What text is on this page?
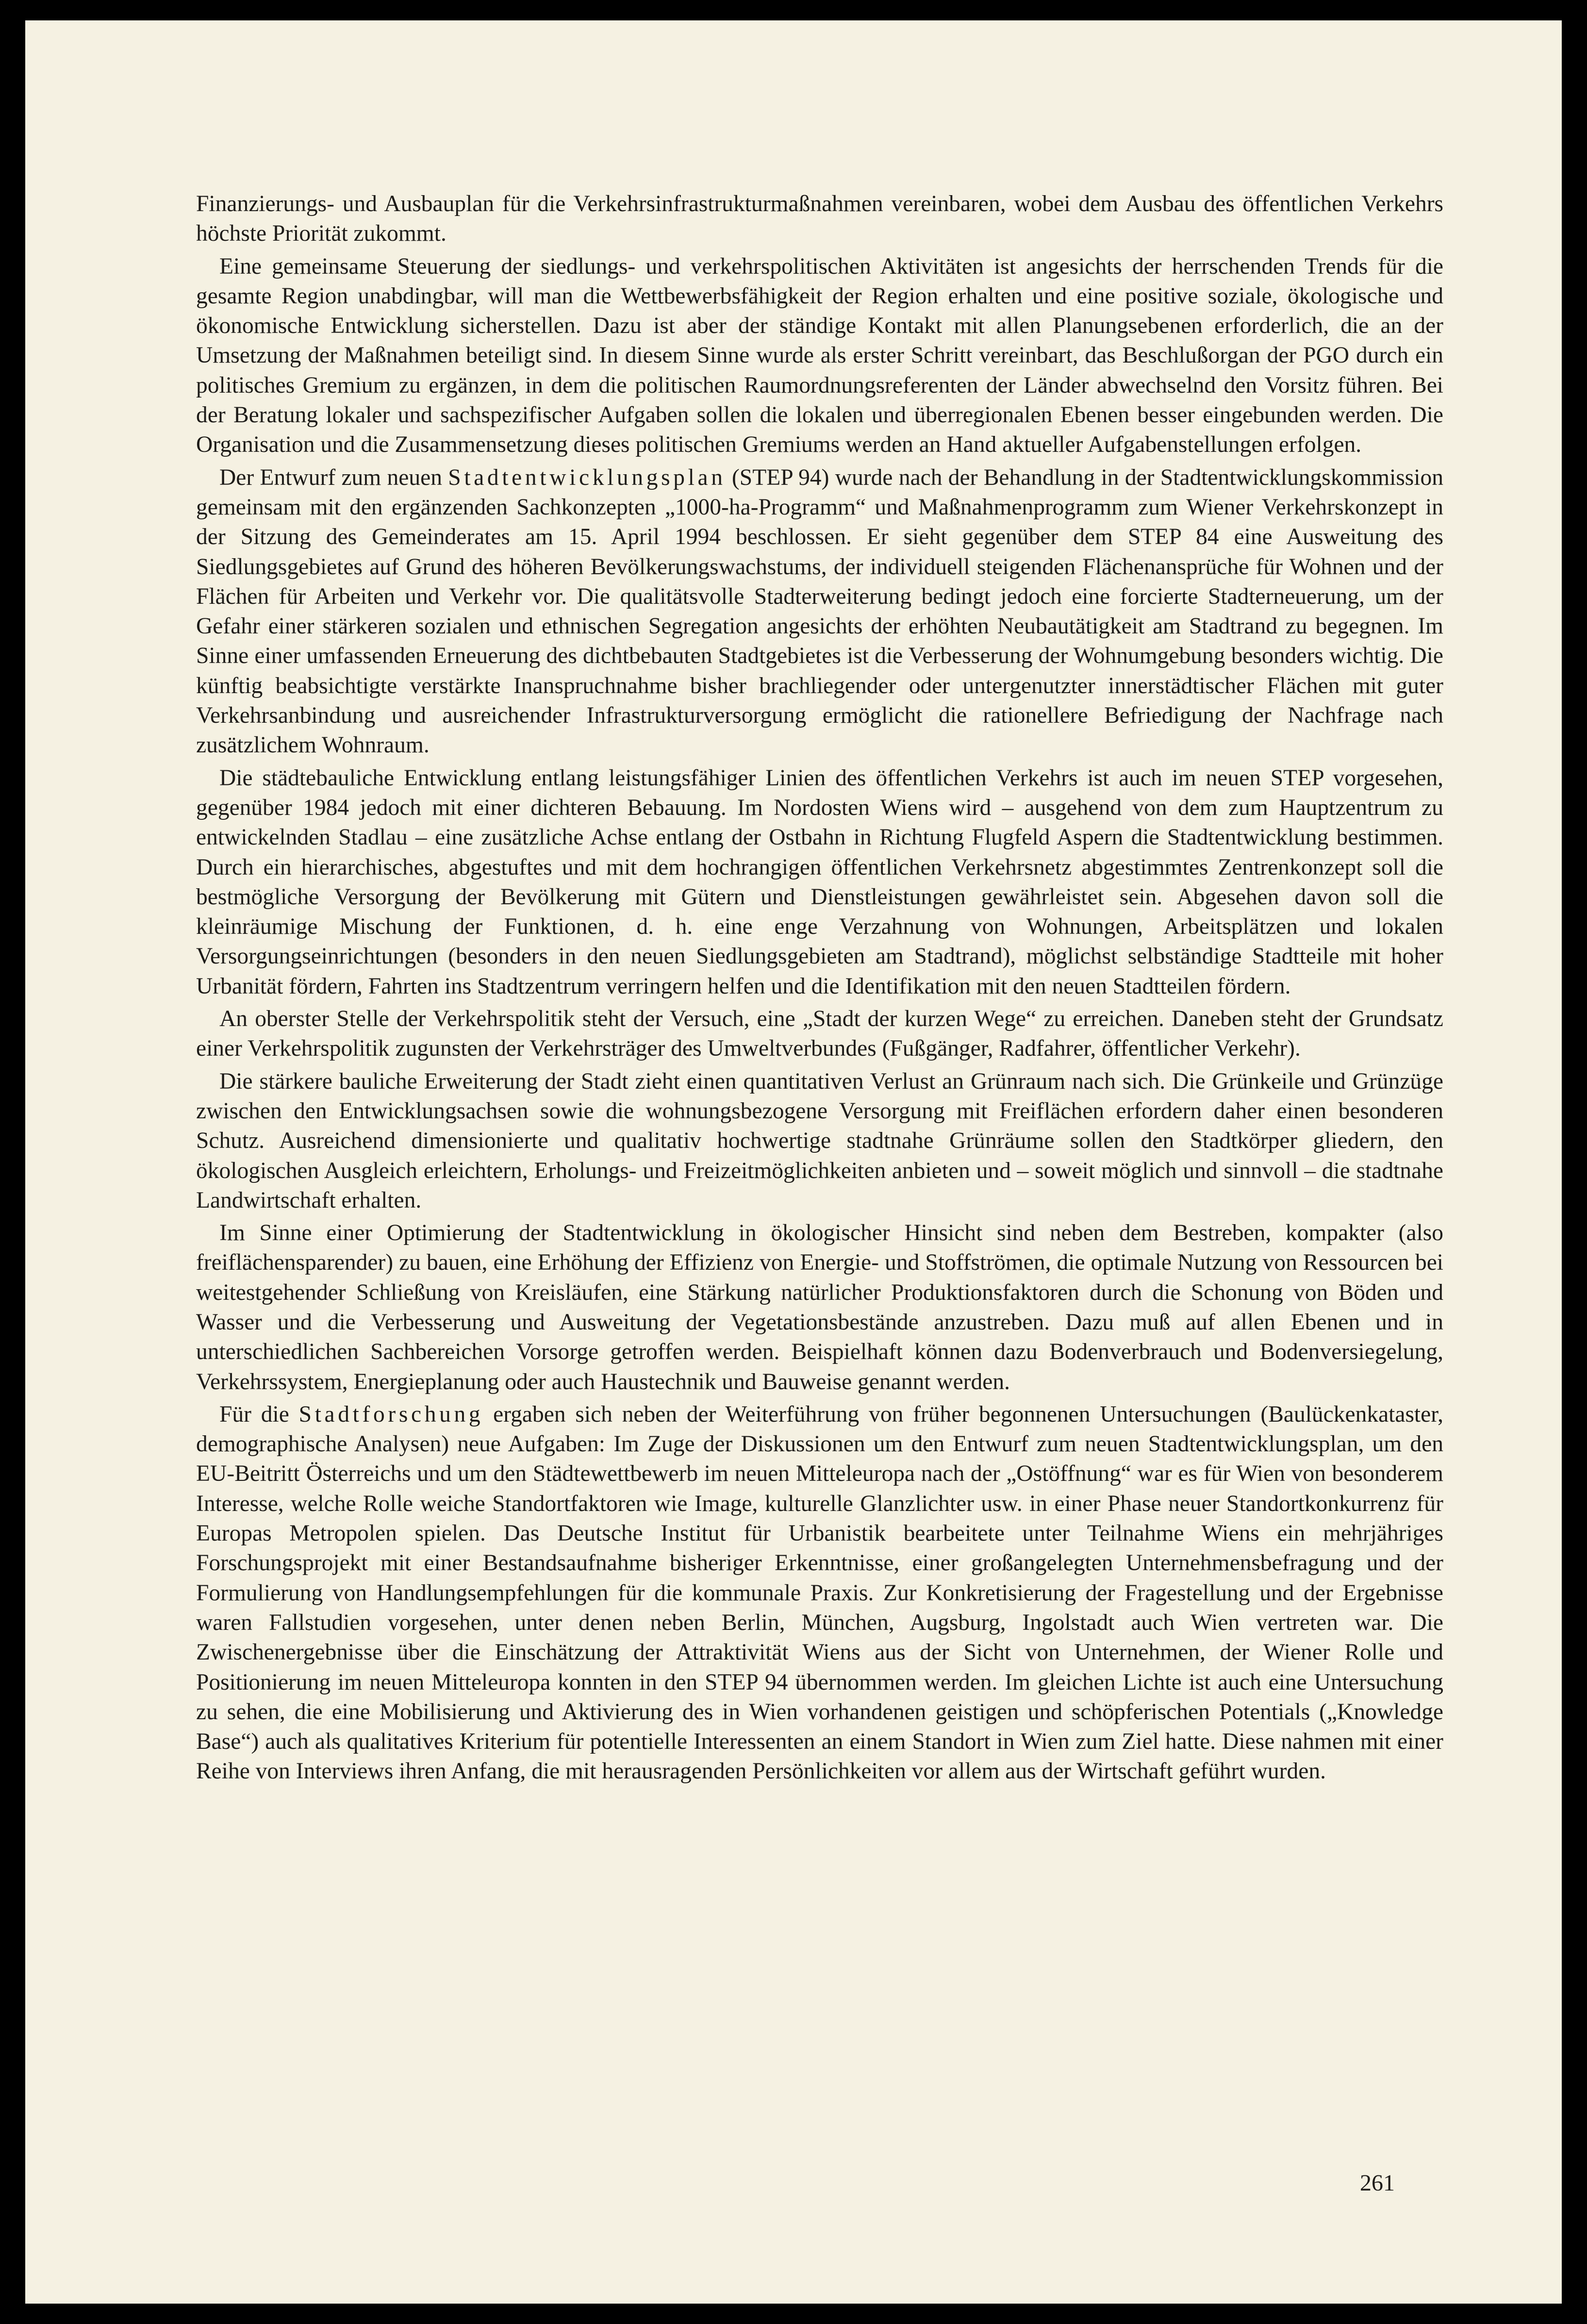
Finanzierungs- und Ausbauplan für die Verkehrsinfrastrukturmaßnahmen vereinbaren, wobei dem Ausbau des öffentlichen Verkehrs höchste Priorität zukommt.

Eine gemeinsame Steuerung der siedlungs- und verkehrspolitischen Aktivitäten ist angesichts der herrschenden Trends für die gesamte Region unabdingbar, will man die Wettbewerbsfähigkeit der Region erhalten und eine positive soziale, ökologische und ökonomische Entwicklung sicherstellen. Dazu ist aber der ständige Kontakt mit allen Planungsebenen erforderlich, die an der Umsetzung der Maßnahmen beteiligt sind. In diesem Sinne wurde als erster Schritt vereinbart, das Beschlußorgan der PGO durch ein politisches Gremium zu ergänzen, in dem die politischen Raumordnungsreferenten der Länder abwechselnd den Vorsitz führen. Bei der Beratung lokaler und sachspezifischer Aufgaben sollen die lokalen und überregionalen Ebenen besser eingebunden werden. Die Organisation und die Zusammensetzung dieses politischen Gremiums werden an Hand aktueller Aufgabenstellungen erfolgen.

Der Entwurf zum neuen Stadtentwicklungsplan (STEP 94) wurde nach der Behandlung in der Stadtentwicklungskommission gemeinsam mit den ergänzenden Sachkonzepten „1000-ha-Programm“ und Maßnahmenprogramm zum Wiener Verkehrskonzept in der Sitzung des Gemeinderates am 15. April 1994 beschlossen. Er sieht gegenüber dem STEP 84 eine Ausweitung des Siedlungsgebietes auf Grund des höheren Bevölkerungswachstums, der individuell steigenden Flächenansprüche für Wohnen und der Flächen für Arbeiten und Verkehr vor. Die qualitätsvolle Stadterweiterung bedingt jedoch eine forcierte Stadterneuerung, um der Gefahr einer stärkeren sozialen und ethnischen Segregation angesichts der erhöhten Neubautätigkeit am Stadtrand zu begegnen. Im Sinne einer umfassenden Erneuerung des dichtbebauten Stadtgebietes ist die Verbesserung der Wohnumgebung besonders wichtig. Die künftig beabsichtigte verstärkte Inanspruchnahme bisher brachliegender oder untergenutzter innerstädtischer Flächen mit guter Verkehrsanbindung und ausreichender Infrastrukturversorgung ermöglicht die rationellere Befriedigung der Nachfrage nach zusätzlichem Wohnraum.

Die städtebauliche Entwicklung entlang leistungsfähiger Linien des öffentlichen Verkehrs ist auch im neuen STEP vorgesehen, gegenüber 1984 jedoch mit einer dichteren Bebauung. Im Nordosten Wiens wird – ausgehend von dem zum Hauptzentrum zu entwickelnden Stadlau – eine zusätzliche Achse entlang der Ostbahn in Richtung Flugfeld Aspern die Stadtentwicklung bestimmen. Durch ein hierarchisches, abgestuftes und mit dem hochrangigen öffentlichen Verkehrsnetz abgestimmtes Zentrenkonzept soll die bestmögliche Versorgung der Bevölkerung mit Gütern und Dienstleistungen gewährleistet sein. Abgesehen davon soll die kleinräumige Mischung der Funktionen, d. h. eine enge Verzahnung von Wohnungen, Arbeitsplätzen und lokalen Versorgungseinrichtungen (besonders in den neuen Siedlungsgebieten am Stadtrand), möglichst selbständige Stadtteile mit hoher Urbanität fördern, Fahrten ins Stadtzentrum verringern helfen und die Identifikation mit den neuen Stadtteilen fördern.

An oberster Stelle der Verkehrspolitik steht der Versuch, eine „Stadt der kurzen Wege“ zu erreichen. Daneben steht der Grundsatz einer Verkehrspolitik zugunsten der Verkehrsträger des Umweltverbundes (Fußgänger, Radfahrer, öffentlicher Verkehr).

Die stärkere bauliche Erweiterung der Stadt zieht einen quantitativen Verlust an Grünraum nach sich. Die Grünkeile und Grünzüge zwischen den Entwicklungsachsen sowie die wohnungsbezogene Versorgung mit Freiflächen erfordern daher einen besonderen Schutz. Ausreichend dimensionierte und qualitativ hochwertige stadtnahe Grünräume sollen den Stadtkörper gliedern, den ökologischen Ausgleich erleichtern, Erholungs- und Freizeitmöglichkeiten anbieten und – soweit möglich und sinnvoll – die stadtnahe Landwirtschaft erhalten.

Im Sinne einer Optimierung der Stadtentwicklung in ökologischer Hinsicht sind neben dem Bestreben, kompakter (also freiflächensparender) zu bauen, eine Erhöhung der Effizienz von Energie- und Stoffströmen, die optimale Nutzung von Ressourcen bei weitestgehender Schließung von Kreisläufen, eine Stärkung natürlicher Produktionsfaktoren durch die Schonung von Böden und Wasser und die Verbesserung und Ausweitung der Vegetationsbestände anzustreben. Dazu muß auf allen Ebenen und in unterschiedlichen Sachbereichen Vorsorge getroffen werden. Beispielhaft können dazu Bodenverbrauch und Bodenversiegelung, Verkehrssystem, Energieplanung oder auch Haustechnik und Bauweise genannt werden.

Für die Stadtforschung ergaben sich neben der Weiterführung von früher begonnenen Untersuchungen (Baulückenkataster, demographische Analysen) neue Aufgaben: Im Zuge der Diskussionen um den Entwurf zum neuen Stadtentwicklungsplan, um den EU-Beitritt Österreichs und um den Städtewettbewerb im neuen Mitteleuropa nach der „Ostöffnung“ war es für Wien von besonderem Interesse, welche Rolle weiche Standortfaktoren wie Image, kulturelle Glanzlichter usw. in einer Phase neuer Standortkonkurrenz für Europas Metropolen spielen. Das Deutsche Institut für Urbanistik bearbeitete unter Teilnahme Wiens ein mehrjähriges Forschungsprojekt mit einer Bestandsaufnahme bisheriger Erkenntnisse, einer großangelegten Unternehmensbefragung und der Formulierung von Handlungsempfehlungen für die kommunale Praxis. Zur Konkretisierung der Fragestellung und der Ergebnisse waren Fallstudien vorgesehen, unter denen neben Berlin, München, Augsburg, Ingolstadt auch Wien vertreten war. Die Zwischenergebnisse über die Einschätzung der Attraktivität Wiens aus der Sicht von Unternehmen, der Wiener Rolle und Positionierung im neuen Mitteleuropa konnten in den STEP 94 übernommen werden. Im gleichen Lichte ist auch eine Untersuchung zu sehen, die eine Mobilisierung und Aktivierung des in Wien vorhandenen geistigen und schöpferischen Potentials („Knowledge Base“) auch als qualitatives Kriterium für potentielle Interessenten an einem Standort in Wien zum Ziel hatte. Diese nahmen mit einer Reihe von Interviews ihren Anfang, die mit herausragenden Persönlichkeiten vor allem aus der Wirtschaft geführt wurden.

261
